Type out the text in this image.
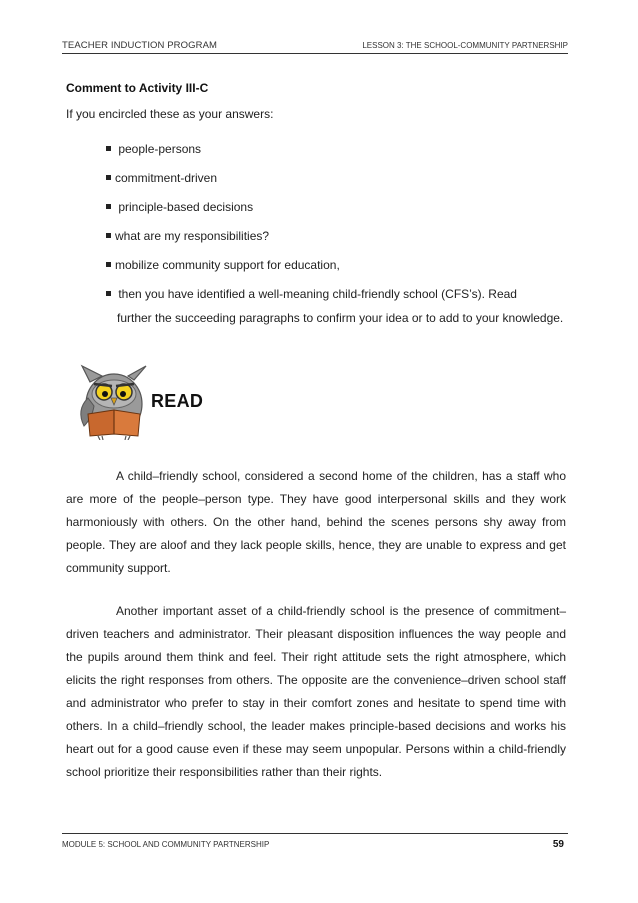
TEACHER INDUCTION PROGRAM	LESSON 3: THE SCHOOL-COMMUNITY PARTNERSHIP
Comment to Activity III-C
If you encircled these as your answers:
people-persons
commitment-driven
principle-based decisions
what are my responsibilities?
mobilize community support for education,
then you have identified a well-meaning child-friendly school (CFS’s). Read
further the succeeding paragraphs to confirm your idea or to add to your knowledge.
READ
A child–friendly school, considered a second home of the children, has a staff who are more of the people–person type. They have good interpersonal skills and they work harmoniously with others. On the other hand, behind the scenes persons shy away from people. They are aloof and they lack people skills, hence, they are unable to express and get community support.
Another important asset of a child-friendly school is the presence of commitment–driven teachers and administrator. Their pleasant disposition influences the way people and the pupils around them think and feel. Their right attitude sets the right atmosphere, which elicits the right responses from others. The opposite are the convenience–driven school staff and administrator who prefer to stay in their comfort zones and hesitate to spend time with others. In a child–friendly school, the leader makes principle-based decisions and works his heart out for a good cause even if these may seem unpopular. Persons within a child-friendly school prioritize their responsibilities rather than their rights.
MODULE 5: SCHOOL AND COMMUNITY PARTNERSHIP	59
